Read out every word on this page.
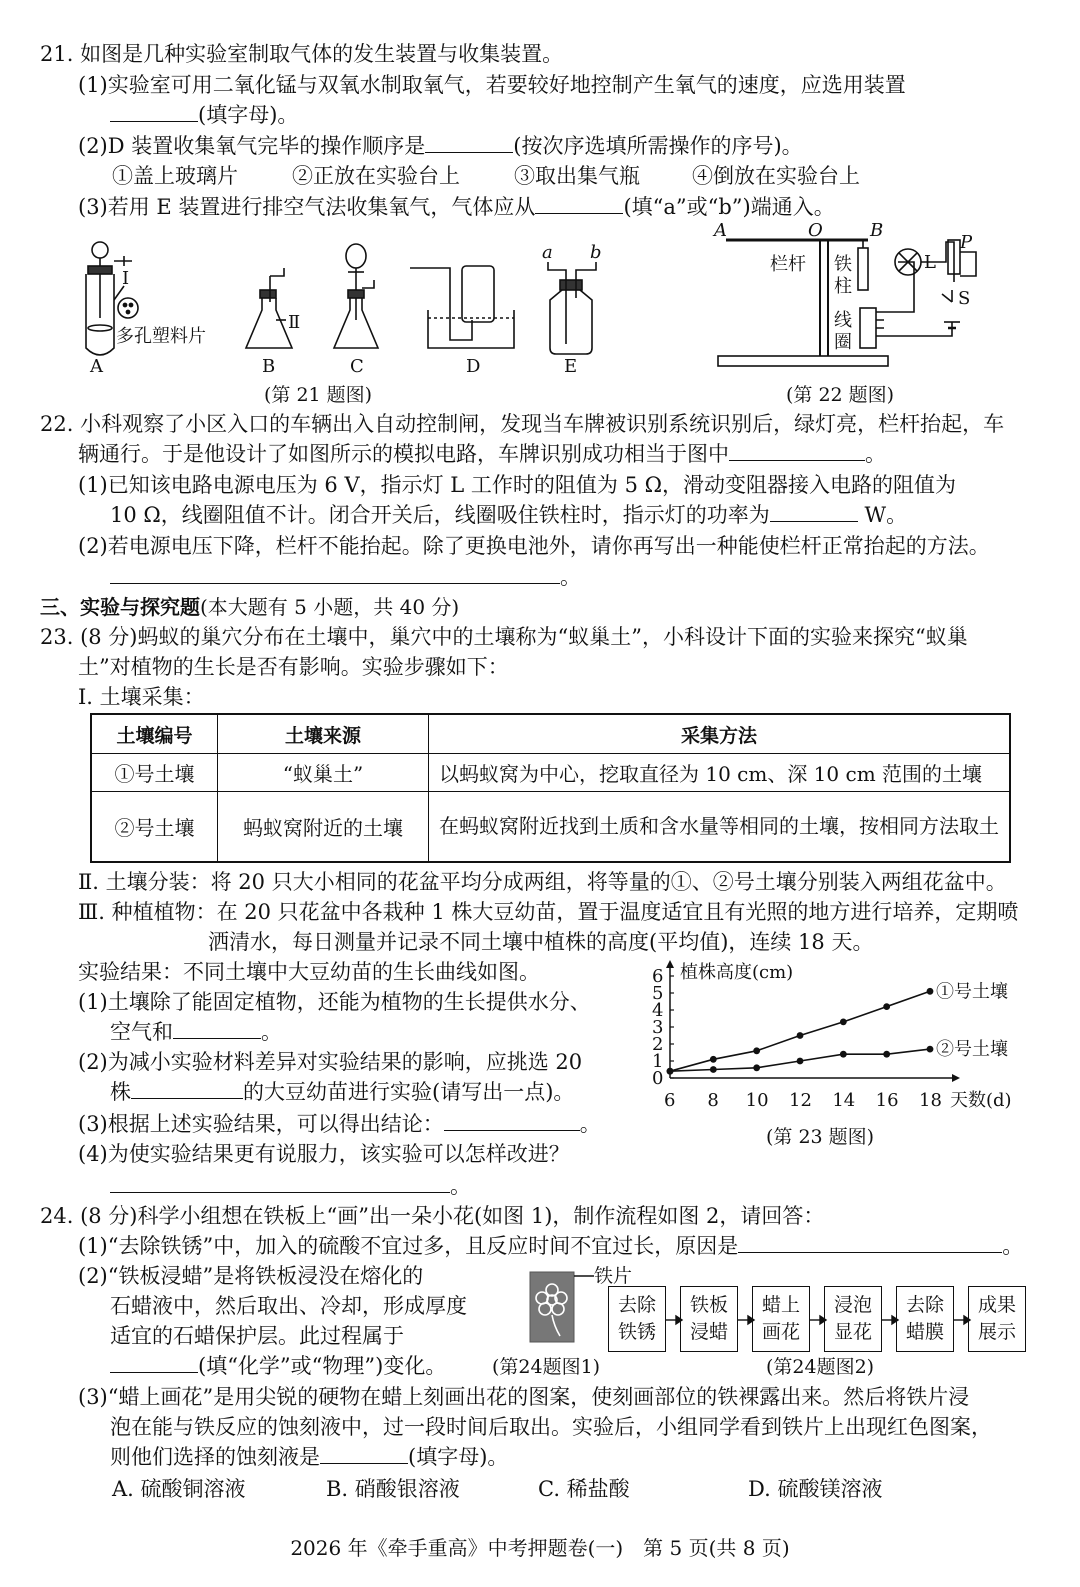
21. 如图是几种实验室制取气体的发生装置与收集装置。
(1)实验室可用二氧化锰与双氧水制取氧气，若要较好地控制产生氧气的速度，应选用装置
(填字母)。
(2)D 装置收集氧气完毕的操作顺序是	(按次序选填所需操作的序号)。
①盖上玻璃片	②正放在实验台上	③取出集气瓶 ④倒放在实验台上
(3)若用 E 装置进行排空气法收集氧气，气体应从	(填“a”或“b”)端通入。
I
多孔塑料片
A
Ⅱ
B	C	D
a b
E
(第 21 题图)
A	O	B
栏杆 铁
柱
线
圈
L
P
S
(第 22 题图)
22. 小科观察了小区入口的车辆出入自动控制闸，发现当车牌被识别系统识别后，绿灯亮，栏杆抬起，车
辆通行。于是他设计了如图所示的模拟电路，车牌识别成功相当于图中	。
(1)已知该电路电源电压为 6 V，指示灯 L 工作时的阻值为 5 Ω，滑动变阻器接入电路的阻值为
10 Ω，线圈阻值不计。闭合开关后，线圈吸住铁柱时，指示灯的功率为	W。
(2)若电源电压下降，栏杆不能抬起。除了更换电池外，请你再写出一种能使栏杆正常抬起的方法。
。
三、实验与探究题(本大题有 5 小题，共 40 分)
23. (8 分)蚂蚁的巢穴分布在土壤中，巢穴中的土壤称为“蚁巢土”，小科设计下面的实验来探究“蚁巢
土”对植物的生长是否有影响。实验步骤如下：
Ⅰ. 土壤采集：
土壤编号	土壤来源	采集方法
①号土壤	“蚁巢土”	以蚂蚁窝为中心，挖取直径为 10 cm、深 10 cm 范围的土壤
②号土壤	蚂蚁窝附近的土壤	在蚂蚁窝附近找到土质和含水量等相同的土壤，按相同方法取土
Ⅱ. 土壤分装：将 20 只大小相同的花盆平均分成两组，将等量的①、②号土壤分别装入两组花盆中。
Ⅲ. 种植植物：在 20 只花盆中各栽种 1 株大豆幼苗，置于温度适宜且有光照的地方进行培养，定期喷
洒清水，每日测量并记录不同土壤中植株的高度(平均值)，连续 18 天。
实验结果：不同土壤中大豆幼苗的生长曲线如图。
(1)土壤除了能固定植物，还能为植物的生长提供水分、
空气和	。
(2)为减小实验材料差异对实验结果的影响，应挑选 20
株	的大豆幼苗进行实验(请写出一点)。
(3)根据上述实验结果，可以得出结论：	。
(4)为使实验结果更有说服力，该实验可以怎样改进？
。
0
1
2
3
4
5
6
6 8 10 12 14 16 18
植株高度(cm)
天数(d)
①号土壤
②号土壤
(第 23 题图)
24. (8 分)科学小组想在铁板上“画”出一朵小花(如图 1)，制作流程如图 2，请回答：
(1)“去除铁锈”中，加入的硫酸不宜过多，且反应时间不宜过长，原因是	。
(2)“铁板浸蜡”是将铁板浸没在熔化的
石蜡液中，然后取出、冷却，形成厚度
适宜的石蜡保护层。此过程属于
(填“化学”或“物理”)变化。
铁片
(第24题图1)
去除
铁锈
铁板
浸蜡
蜡上
画花
浸泡
显花
去除
蜡膜
成果
展示
(第24题图2)
(3)“蜡上画花”是用尖锐的硬物在蜡上刻画出花的图案，使刻画部位的铁裸露出来。然后将铁片浸
泡在能与铁反应的蚀刻液中，过一段时间后取出。实验后，小组同学看到铁片上出现红色图案，
则他们选择的蚀刻液是	(填字母)。
A. 硫酸铜溶液	B. 硝酸银溶液	C. 稀盐酸	D. 硫酸镁溶液
2026 年《牵手重高》中考押题卷(一)　第 5 页(共 8 页)
